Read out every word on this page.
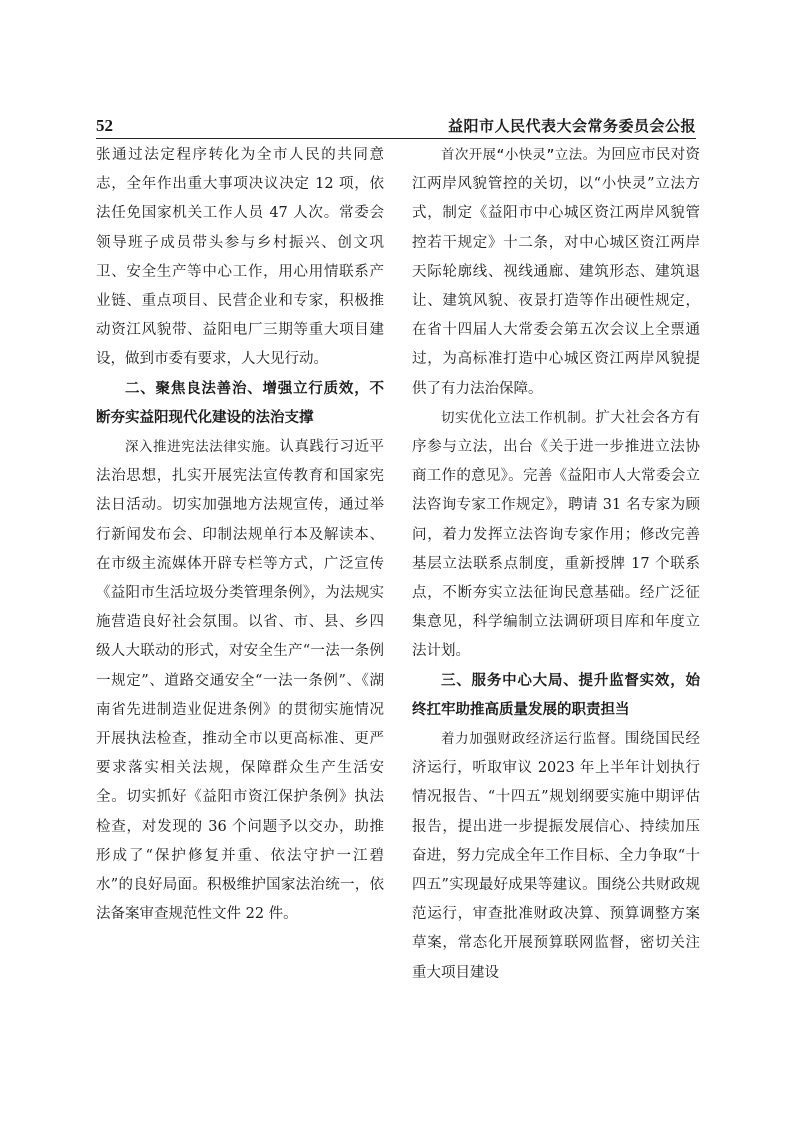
52	益阳市人民代表大会常务委员会公报

张通过法定程序转化为全市人民的共同意志，全年作出重大事项决议决定 12 项，依法任免国家机关工作人员 47 人次。常委会领导班子成员带头参与乡村振兴、创文巩卫、安全生产等中心工作，用心用情联系产业链、重点项目、民营企业和专家，积极推动资江风貌带、益阳电厂三期等重大项目建设，做到市委有要求，人大见行动。

二、聚焦良法善治、增强立行质效，不断夯实益阳现代化建设的法治支撑

深入推进宪法法律实施。认真践行习近平法治思想，扎实开展宪法宣传教育和国家宪法日活动。切实加强地方法规宣传，通过举行新闻发布会、印制法规单行本及解读本、在市级主流媒体开辟专栏等方式，广泛宣传《益阳市生活垃圾分类管理条例》，为法规实施营造良好社会氛围。以省、市、县、乡四级人大联动的形式，对安全生产“一法一条例一规定”、道路交通安全“一法一条例”、《湖南省先进制造业促进条例》的贯彻实施情况开展执法检查，推动全市以更高标准、更严要求落实相关法规，保障群众生产生活安全。切实抓好《益阳市资江保护条例》执法检查，对发现的 36 个问题予以交办，助推形成了“保护修复并重、依法守护一江碧水”的良好局面。积极维护国家法治统一，依法备案审查规范性文件 22 件。

首次开展“小快灵”立法。为回应市民对资江两岸风貌管控的关切，以“小快灵”立法方式，制定《益阳市中心城区资江两岸风貌管控若干规定》十二条，对中心城区资江两岸天际轮廓线、视线通廊、建筑形态、建筑退让、建筑风貌、夜景打造等作出硬性规定，在省十四届人大常委会第五次会议上全票通过，为高标准打造中心城区资江两岸风貌提供了有力法治保障。

切实优化立法工作机制。扩大社会各方有序参与立法，出台《关于进一步推进立法协商工作的意见》。完善《益阳市人大常委会立法咨询专家工作规定》，聘请 31 名专家为顾问，着力发挥立法咨询专家作用；修改完善基层立法联系点制度，重新授牌 17 个联系点，不断夯实立法征询民意基础。经广泛征集意见，科学编制立法调研项目库和年度立法计划。

三、服务中心大局、提升监督实效，始终扛牢助推高质量发展的职责担当

着力加强财政经济运行监督。围绕国民经济运行，听取审议 2023 年上半年计划执行情况报告、“十四五”规划纲要实施中期评估报告，提出进一步提振发展信心、持续加压奋进，努力完成全年工作目标、全力争取“十四五”实现最好成果等建议。围绕公共财政规范运行，审查批准财政决算、预算调整方案草案，常态化开展预算联网监督，密切关注重大项目建设
